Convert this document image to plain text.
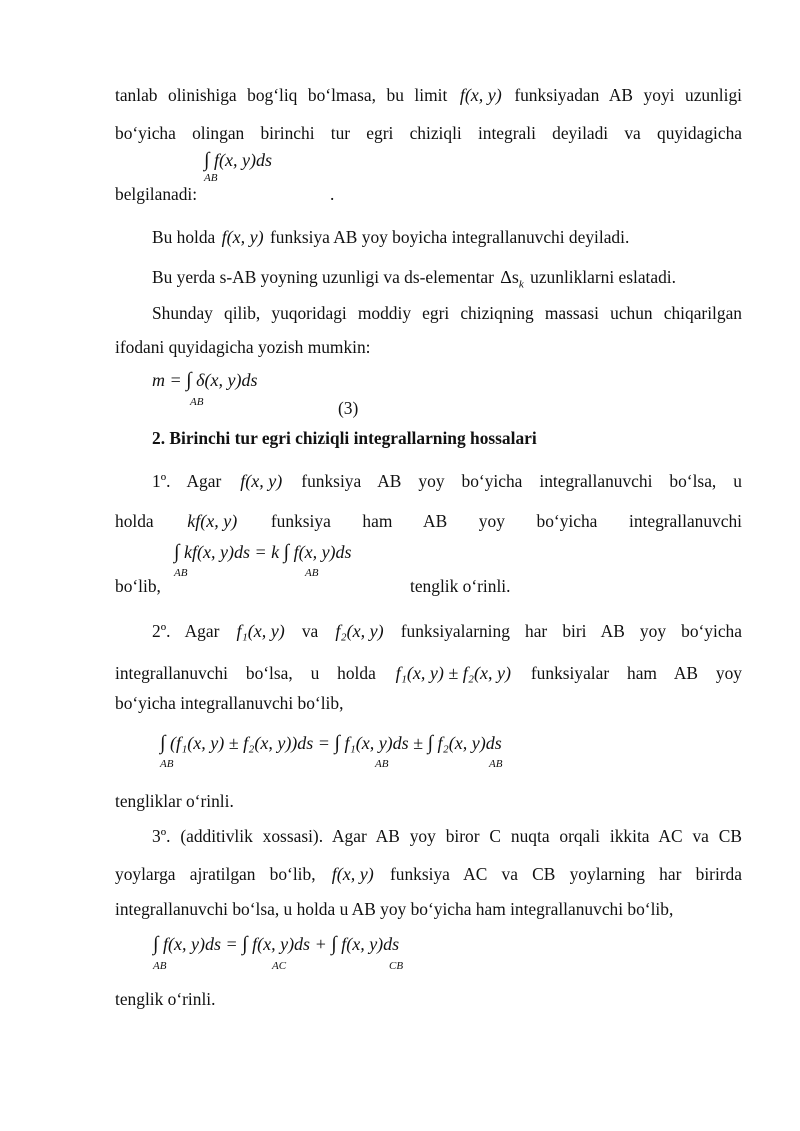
tanlab olinishiga bog‘liq bo‘lmasa, bu limit f(x, y) funksiyadan AB yoyi uzunligi
bo‘yicha olingan birinchi tur egri chiziqli integrali deyiladi va quyidagicha
∫ f(x, y)ds
AB
belgilanadi:	.
Bu holda f(x, y) funksiya AB yoy boyicha integrallanuvchi deyiladi.
Bu yerda s-AB yoyning uzunligi va ds-elementar $\Delta s_k$ uzunliklarni eslatadi.
Shunday qilib, yuqoridagi moddiy egri chiziqning massasi uchun chiqarilgan
ifodani quyidagicha yozish mumkin:
m = ∫ δ(x, y)ds
AB	(3)
2. Birinchi tur egri chiziqli integrallarning hossalari
1º. Agar f(x, y) funksiya AB yoy bo‘yicha integrallanuvchi bo‘lsa, u
holda kf(x, y) funksiya ham AB yoy bo‘yicha integrallanuvchi
∫ kf(x, y)ds = k ∫ f(x, y)ds
AB	AB
bo‘lib,	tenglik o‘rinli.
2º. Agar f₁(x, y) va f₂(x, y) funksiyalarning har biri AB yoy bo‘yicha
integrallanuvchi bo‘lsa, u holda f₁(x, y) ± f₂(x, y) funksiyalar ham AB yoy
bo‘yicha integrallanuvchi bo‘lib,
∫ (f₁(x, y) ± f₂(x, y))ds = ∫ f₁(x, y)ds ± ∫ f₂(x, y)ds
AB	AB	AB
tengliklar o‘rinli.
3º. (additivlik xossasi). Agar AB yoy biror C nuqta orqali ikkita AC va CB
yoylarga ajratilgan bo‘lib, f(x, y) funksiya AC va CB yoylarning har birirda
integrallanuvchi bo‘lsa, u holda u AB yoy bo‘yicha ham integrallanuvchi bo‘lib,
∫ f(x, y)ds = ∫ f(x, y)ds + ∫ f(x, y)ds
AB	AC	CB
tenglik o‘rinli.
